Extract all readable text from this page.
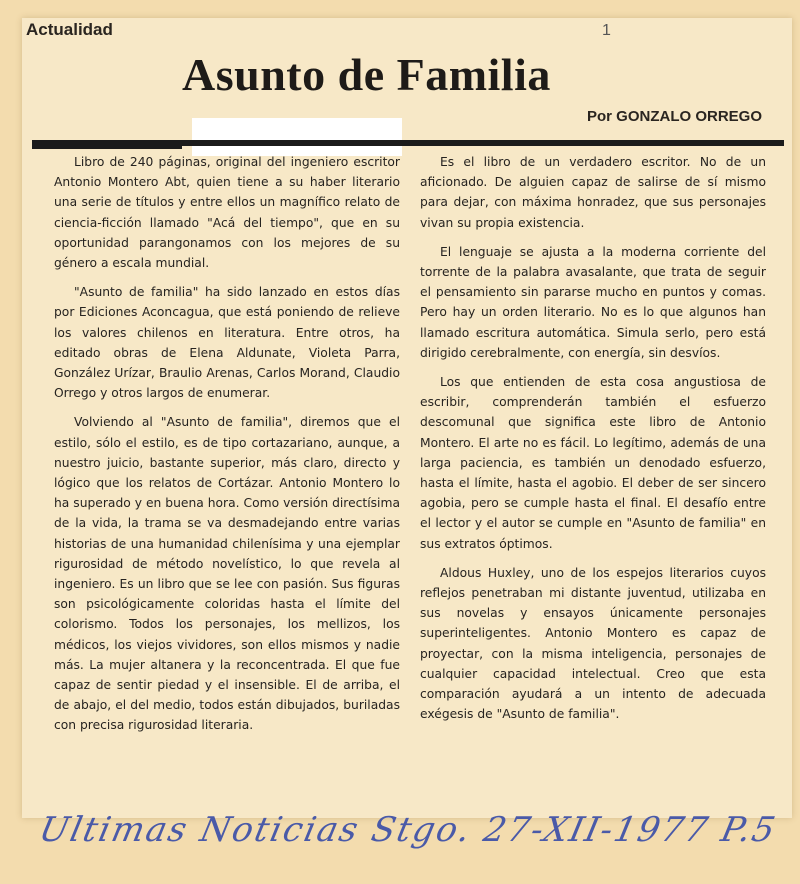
Actualidad	1
Asunto de Familia
Por GONZALO ORREGO

Libro de 240 páginas, original del ingeniero escritor Antonio Montero Abt, quien tiene a su haber literario una serie de títulos y entre ellos un magnífico relato de ciencia-ficción llamado "Acá del tiempo", que en su oportunidad parangonamos con los mejores de su género a escala mundial.

"Asunto de familia" ha sido lanzado en estos días por Ediciones Aconcagua, que está poniendo de relieve los valores chilenos en literatura. Entre otros, ha editado obras de Elena Aldunate, Violeta Parra, González Urízar, Braulio Arenas, Carlos Morand, Claudio Orrego y otros largos de enumerar.

Volviendo al "Asunto de familia", diremos que el estilo, sólo el estilo, es de tipo cortazariano, aunque, a nuestro juicio, bastante superior, más claro, directo y lógico que los relatos de Cortázar. Antonio Montero lo ha superado y en buena hora. Como versión directísima de la vida, la trama se va desmadejando entre varias historias de una humanidad chilenísima y una ejemplar rigurosidad de método novelístico, lo que revela al ingeniero. Es un libro que se lee con pasión. Sus figuras son psicológicamente coloridas hasta el límite del colorismo. Todos los personajes, los mellizos, los médicos, los viejos vividores, son ellos mismos y nadie más. La mujer altanera y la reconcentrada. El que fue capaz de sentir piedad y el insensible. El de arriba, el de abajo, el del medio, todos están dibujados, buriladas con precisa rigurosidad literaria.

Es el libro de un verdadero escritor. No de un aficionado. De alguien capaz de salirse de sí mismo para dejar, con máxima honradez, que sus personajes vivan su propia existencia.

El lenguaje se ajusta a la moderna corriente del torrente de la palabra avasalante, que trata de seguir el pensamiento sin pararse mucho en puntos y comas. Pero hay un orden literario. No es lo que algunos han llamado escritura automática. Simula serlo, pero está dirigido cerebralmente, con energía, sin desvíos.

Los que entienden de esta cosa angustiosa de escribir, comprenderán también el esfuerzo descomunal que significa este libro de Antonio Montero. El arte no es fácil. Lo legítimo, además de una larga paciencia, es también un denodado esfuerzo, hasta el límite, hasta el agobio. El deber de ser sincero agobia, pero se cumple hasta el final. El desafío entre el lector y el autor se cumple en "Asunto de familia" en sus extratos óptimos.

Aldous Huxley, uno de los espejos literarios cuyos reflejos penetraban mi distante juventud, utilizaba en sus novelas y ensayos únicamente personajes superinteligentes. Antonio Montero es capaz de proyectar, con la misma inteligencia, personajes de cualquier capacidad intelectual. Creo que esta comparación ayudará a un intento de adecuada exégesis de "Asunto de familia".

Ultimas Noticias Stgo. 27-XII-1977 P.5
